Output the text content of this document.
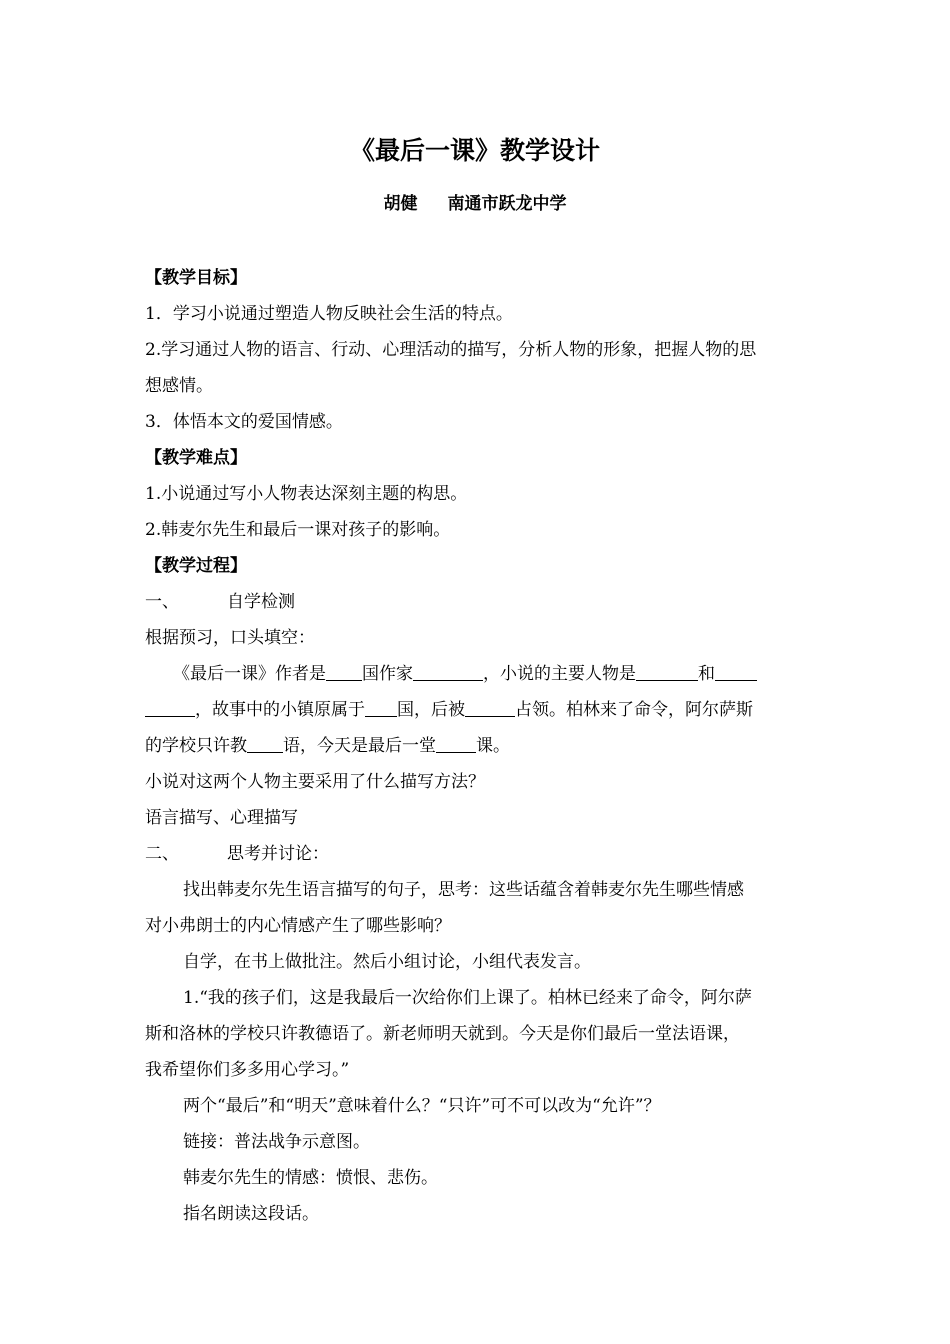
《最后一课》教学设计
胡健 南通市跃龙中学
【教学目标】
1．学习小说通过塑造人物反映社会生活的特点。
2.学习通过人物的语言、行动、心理活动的描写，分析人物的形象，把握人物的思
想感情。
3．体悟本文的爱国情感。
【教学难点】
1.小说通过写小人物表达深刻主题的构思。
2.韩麦尔先生和最后一课对孩子的影响。
【教学过程】
一、	自学检测
根据预习，口头填空：
《最后一课》作者是 国作家	，小说的主要人物是	和
，故事中的小镇原属于 国，后被	占领。柏林来了命令，阿尔萨斯
的学校只许教 语，今天是最后一堂 课。
小说对这两个人物主要采用了什么描写方法？
语言描写、心理描写
二、	思考并讨论：
找出韩麦尔先生语言描写的句子，思考：这些话蕴含着韩麦尔先生哪些情感
对小弗朗士的内心情感产生了哪些影响？
自学，在书上做批注。然后小组讨论，小组代表发言。
1.“我的孩子们，这是我最后一次给你们上课了。柏林已经来了命令，阿尔萨
斯和洛林的学校只许教德语了。新老师明天就到。今天是你们最后一堂法语课，
我希望你们多多用心学习。”
两个“最后”和“明天”意味着什么？“只许”可不可以改为“允许”？
链接：普法战争示意图。
韩麦尔先生的情感：愤恨、悲伤。
指名朗读这段话。
